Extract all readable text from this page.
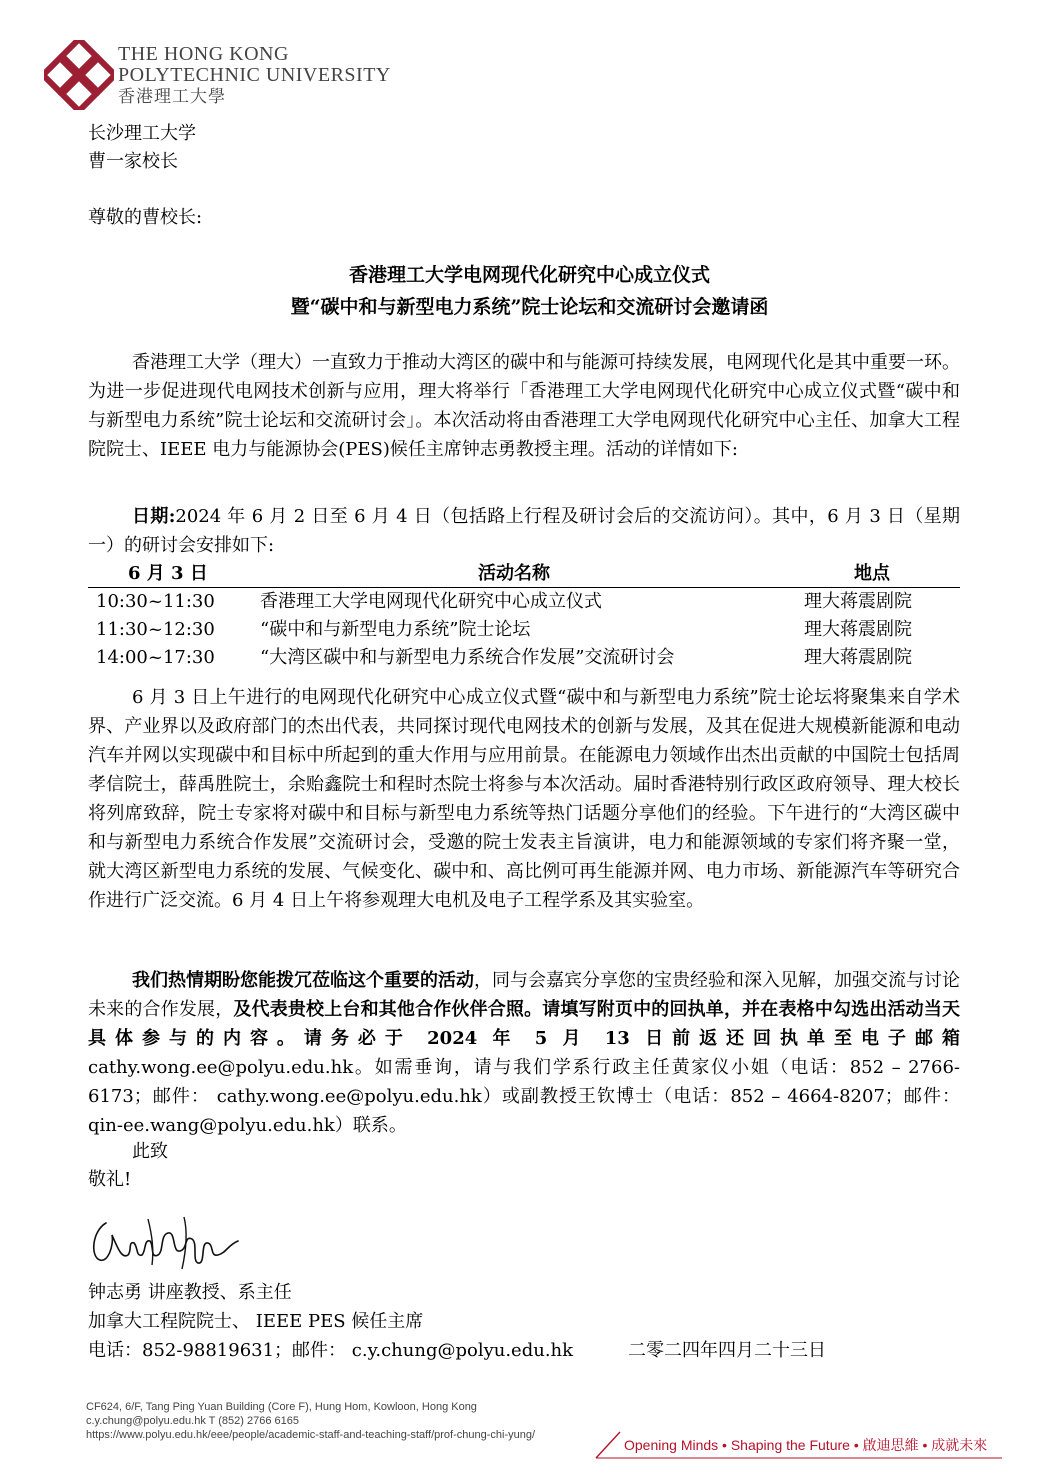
THE HONG KONG
POLYTECHNIC UNIVERSITY
香港理工大學
长沙理工大学
曹一家校长
尊敬的曹校长:
香港理工大学电网现代化研究中心成立仪式
暨“碳中和与新型电力系统”院士论坛和交流研讨会邀请函
香港理工大学（理大）一直致力于推动大湾区的碳中和与能源可持续发展，电网现代化是其中重要一环。为进一步促进现代电网技术创新与应用，理大将举行「香港理工大学电网现代化研究中心成立仪式暨“碳中和与新型电力系统”院士论坛和交流研讨会」。本次活动将由香港理工大学电网现代化研究中心主任、加拿大工程院院士、IEEE 电力与能源协会(PES)候任主席钟志勇教授主理。活动的详情如下:
日期:2024 年 6 月 2 日至 6 月 4 日（包括路上行程及研讨会后的交流访问）。其中，6 月 3 日（星期一）的研讨会安排如下:
6 月 3 日	活动名称	地点
10:30~11:30	香港理工大学电网现代化研究中心成立仪式	理大蒋震剧院
11:30~12:30	“碳中和与新型电力系统”院士论坛	理大蒋震剧院
14:00~17:30	“大湾区碳中和与新型电力系统合作发展”交流研讨会	理大蒋震剧院
6 月 3 日上午进行的电网现代化研究中心成立仪式暨“碳中和与新型电力系统”院士论坛将聚集来自学术界、产业界以及政府部门的杰出代表，共同探讨现代电网技术的创新与发展，及其在促进大规模新能源和电动汽车并网以实现碳中和目标中所起到的重大作用与应用前景。在能源电力领域作出杰出贡献的中国院士包括周孝信院士，薛禹胜院士，余贻鑫院士和程时杰院士将参与本次活动。届时香港特别行政区政府领导、理大校长将列席致辞，院士专家将对碳中和目标与新型电力系统等热门话题分享他们的经验。下午进行的“大湾区碳中和与新型电力系统合作发展”交流研讨会，受邀的院士发表主旨演讲，电力和能源领域的专家们将齐聚一堂，就大湾区新型电力系统的发展、气候变化、碳中和、高比例可再生能源并网、电力市场、新能源汽车等研究合作进行广泛交流。6 月 4 日上午将参观理大电机及电子工程学系及其实验室。
我们热情期盼您能拨冗莅临这个重要的活动，同与会嘉宾分享您的宝贵经验和深入见解，加强交流与讨论未来的合作发展，及代表贵校上台和其他合作伙伴合照。请填写附页中的回执单，并在表格中勾选出活动当天具体参与的内容。请务必于 2024 年 5 月 13 日前返还回执单至电子邮箱 cathy.wong.ee@polyu.edu.hk。如需垂询，请与我们学系行政主任黄家仪小姐（电话：852 – 2766-6173；邮件： cathy.wong.ee@polyu.edu.hk）或副教授王钦博士（电话：852 – 4664-8207；邮件：qin-ee.wang@polyu.edu.hk）联系。
此致
敬礼!
钟志勇 讲座教授、系主任
加拿大工程院院士、 IEEE PES 候任主席
电话：852-98819631；邮件： c.y.chung@polyu.edu.hk	二零二四年四月二十三日
CF624, 6/F, Tang Ping Yuan Building (Core F), Hung Hom, Kowloon, Hong Kong
c.y.chung@polyu.edu.hk T (852) 2766 6165
https://www.polyu.edu.hk/eee/people/academic-staff-and-teaching-staff/prof-chung-chi-yung/
Opening Minds • Shaping the Future • 啟迪思維 • 成就未來
